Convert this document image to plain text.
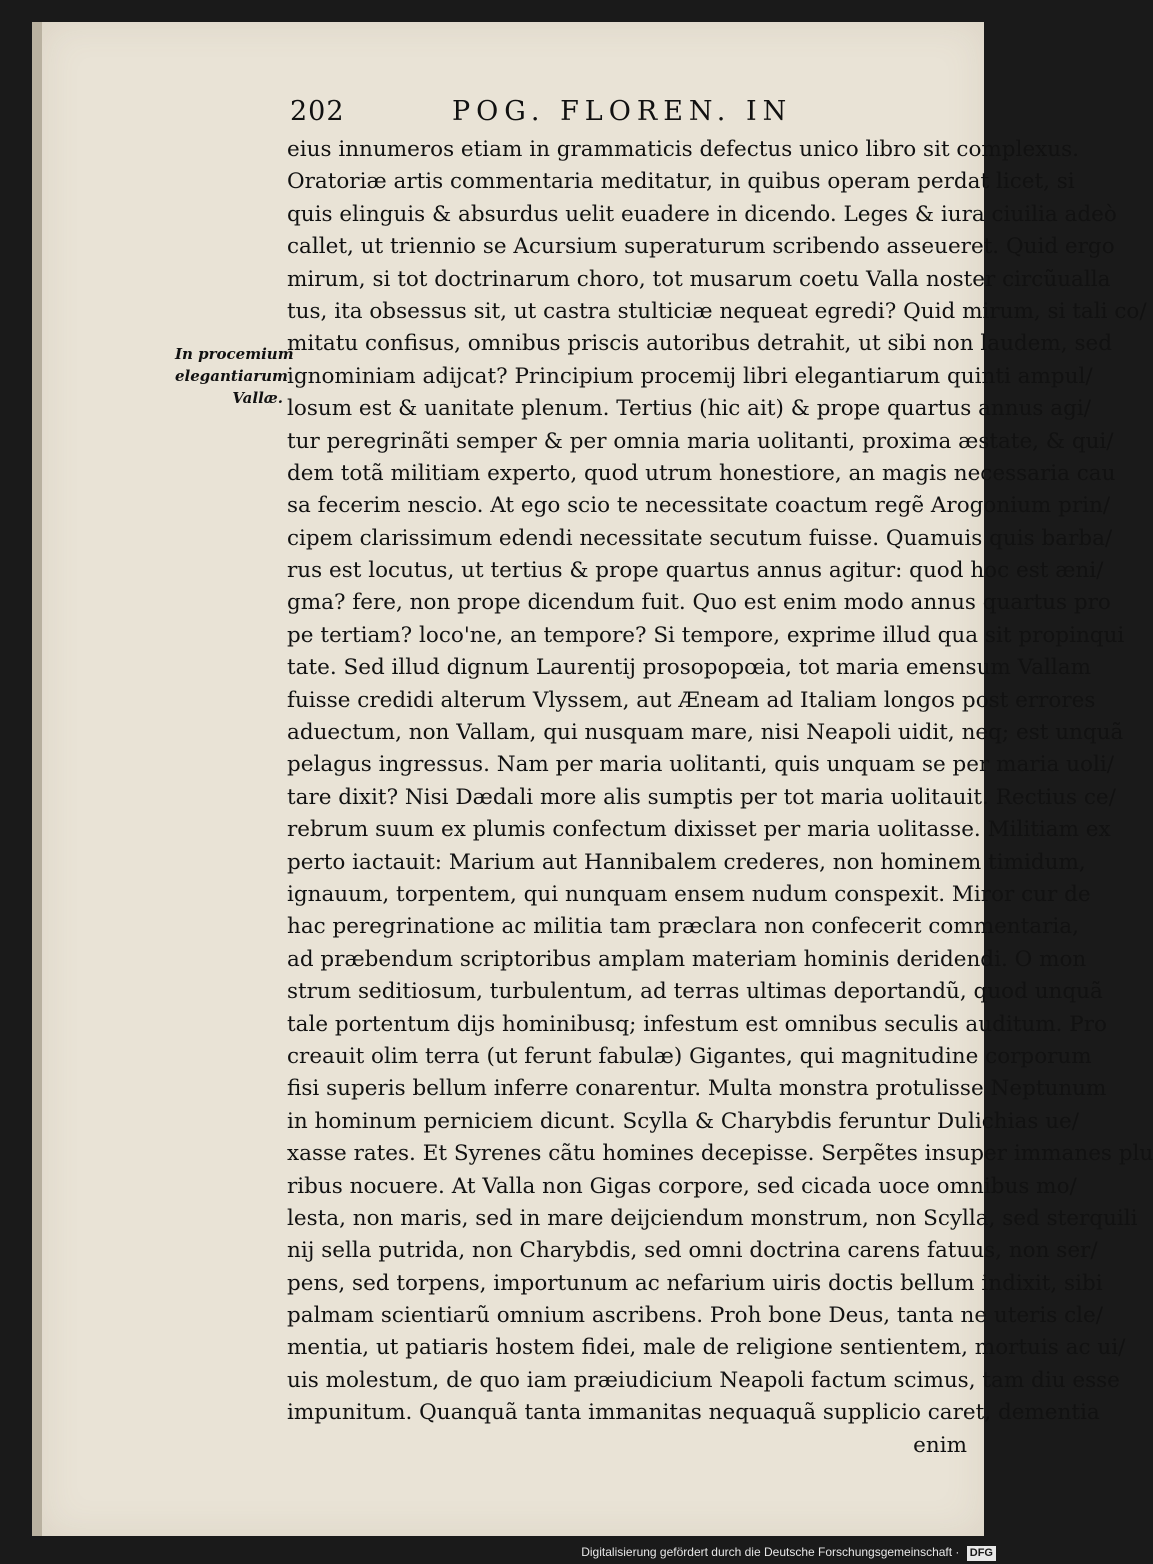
202	POG. FLOREN. IN
In procemium
elegantiarum
Vallæ.
eius innumeros etiam in grammaticis defectus unico libro sit complexus.
Oratoriæ artis commentaria meditatur, in quibus operam perdat licet, si
quis elinguis & absurdus uelit euadere in dicendo. Leges & iura ciuilia adeò
callet, ut triennio se Acursium superaturum scribendo asseueret. Quid ergo
mirum, si tot doctrinarum choro, tot musarum coetu Valla noster circũualla
tus, ita obsessus sit, ut castra stulticiæ nequeat egredi? Quid mirum, si tali co/
mitatu confisus, omnibus priscis autoribus detrahit, ut sibi non laudem, sed
ignominiam adijcat? Principium procemij libri elegantiarum quinti ampul/
losum est & uanitate plenum. Tertius (hic ait) & prope quartus annus agi/
tur peregrinãti semper & per omnia maria uolitanti, proxima æstate, & qui/
dem totã militiam experto, quod utrum honestiore, an magis necessaria cau
sa fecerim nescio. At ego scio te necessitate coactum regẽ Arogonium prin/
cipem clarissimum edendi necessitate secutum fuisse. Quamuis quis barba/
rus est locutus, ut tertius & prope quartus annus agitur: quod hoc est æni/
gma? fere, non prope dicendum fuit. Quo est enim modo annus quartus pro
pe tertiam? loco'ne, an tempore? Si tempore, exprime illud qua sit propinqui
tate. Sed illud dignum Laurentij prosopopœia, tot maria emensum Vallam
fuisse credidi alterum Vlyssem, aut Æneam ad Italiam longos post errores
aduectum, non Vallam, qui nusquam mare, nisi Neapoli uidit, neq; est unquã
pelagus ingressus. Nam per maria uolitanti, quis unquam se per maria uoli/
tare dixit? Nisi Dædali more alis sumptis per tot maria uolitauit. Rectius ce/
rebrum suum ex plumis confectum dixisset per maria uolitasse. Militiam ex
perto iactauit: Marium aut Hannibalem crederes, non hominem timidum,
ignauum, torpentem, qui nunquam ensem nudum conspexit. Miror cur de
hac peregrinatione ac militia tam præclara non confecerit commentaria,
ad præbendum scriptoribus amplam materiam hominis deridendi. O mon
strum seditiosum, turbulentum, ad terras ultimas deportandũ, quod unquã
tale portentum dijs hominibusq; infestum est omnibus seculis auditum. Pro
creauit olim terra (ut ferunt fabulæ) Gigantes, qui magnitudine corporum
fisi superis bellum inferre conarentur. Multa monstra protulisse Neptunum
in hominum perniciem dicunt. Scylla & Charybdis feruntur Dulichias ue/
xasse rates. Et Syrenes cãtu homines decepisse. Serpẽtes insuper immanes plu
ribus nocuere. At Valla non Gigas corpore, sed cicada uoce omnibus mo/
lesta, non maris, sed in mare deijciendum monstrum, non Scylla, sed sterquili
nij sella putrida, non Charybdis, sed omni doctrina carens fatuus, non ser/
pens, sed torpens, importunum ac nefarium uiris doctis bellum indixit, sibi
palmam scientiarũ omnium ascribens. Proh bone Deus, tanta ne uteris cle/
mentia, ut patiaris hostem fidei, male de religione sentientem, mortuis ac ui/
uis molestum, de quo iam præiudicium Neapoli factum scimus, tam diu esse
impunitum. Quanquã tanta immanitas nequaquã supplicio caret, dementia
enim
Digitalisierung gefördert durch die Deutsche Forschungsgemeinschaft · DFG
